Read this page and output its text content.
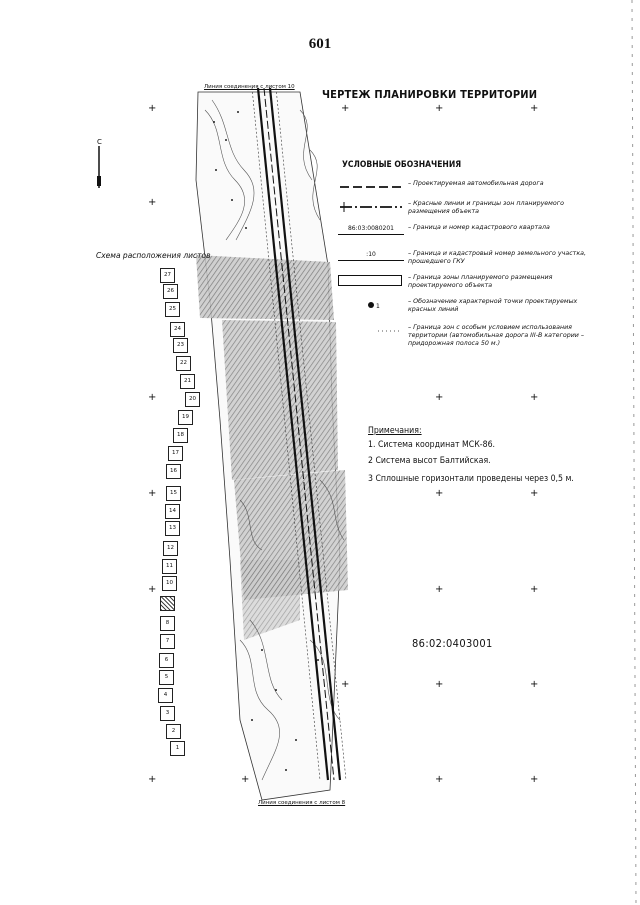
601
Линия соединения с листом 10
Линия соединения с листом 8
+	+	+	+
+
+	+	+
+	+	+
+	+	+
+	+	+
+	+	+	+
С
ЧЕРТЕЖ ПЛАНИРОВКИ ТЕРРИТОРИИ
УСЛОВНЫЕ ОБОЗНАЧЕНИЯ
– Проектируемая автомобильная дорога
– Красные линии и границы зон планируемого размещения объекта
86:03:0080201	– Граница и номер кадастрового квартала
:10	– Граница и кадастровый номер земельного участка, прошедшего ГКУ
– Граница зоны планируемого размещения проектируемого объекта
1
– Обозначение характерной точки проектируемых красных линий
– Граница зон с особым условием использования территории (автомобильная дорога III-В категории – придорожная полоса 50 м.)
Схема расположения листов
27
26
25
24
23
22
21
20
19
18
17
16
15
14
13
12
11
10
8
7
6
5
4
3
2
1
Примечания:
1. Система координат МСК-86.
2 Система высот Балтийская.
3 Сплошные горизонтали проведены через 0,5 м.
86:02:0403001
